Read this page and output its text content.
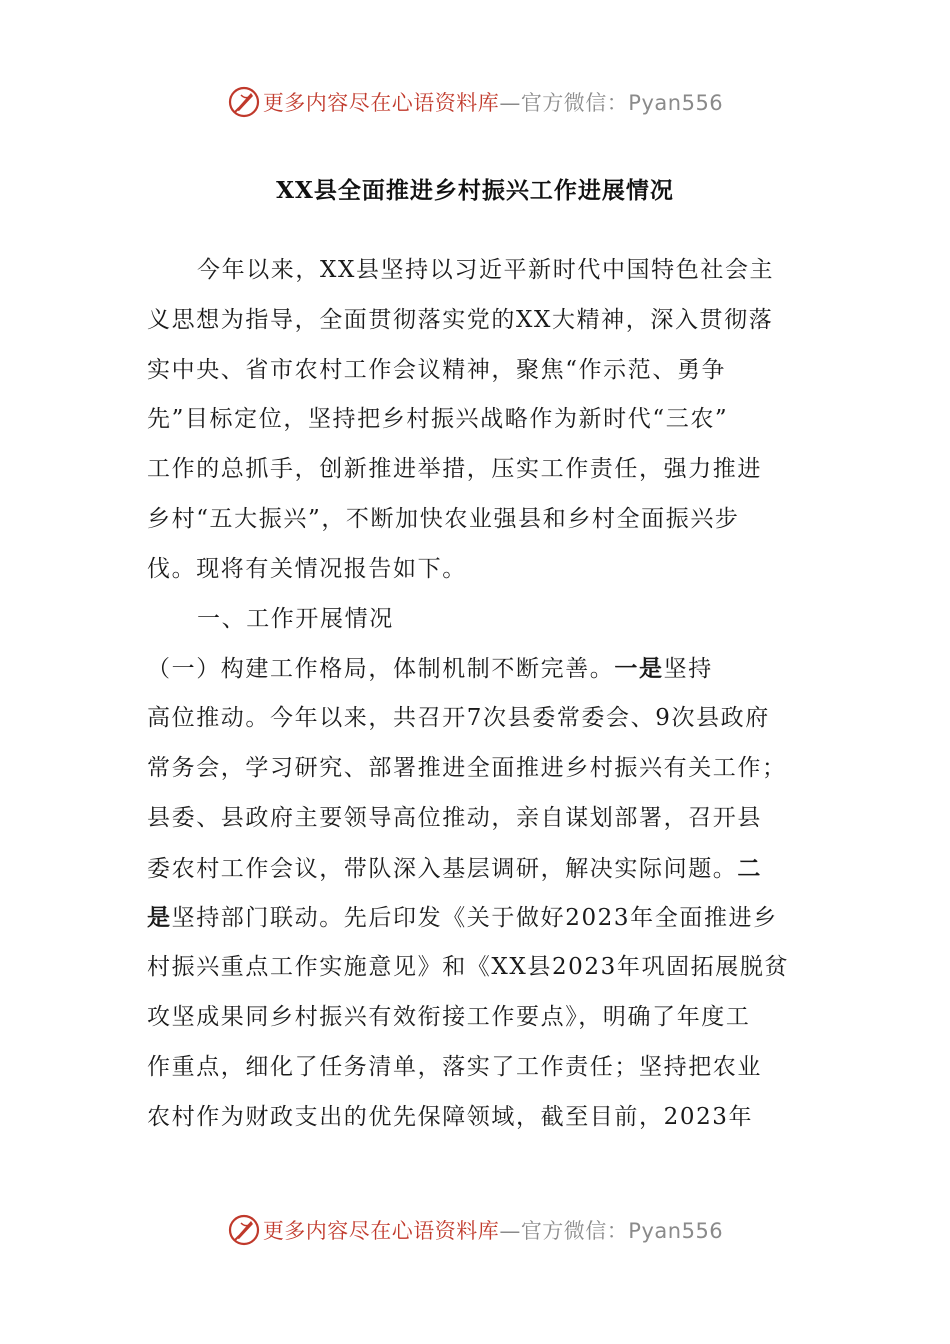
更多内容尽在心语资料库—官方微信：Pyan556
XX县全面推进乡村振兴工作进展情况
今年以来，XX县坚持以习近平新时代中国特色社会主
义思想为指导，全面贯彻落实党的XX大精神，深入贯彻落
实中央、省市农村工作会议精神，聚焦“作示范、勇争
先”目标定位，坚持把乡村振兴战略作为新时代“三农”
工作的总抓手，创新推进举措，压实工作责任，强力推进
乡村“五大振兴”，不断加快农业强县和乡村全面振兴步
伐。现将有关情况报告如下。
一、工作开展情况
（一）构建工作格局，体制机制不断完善。一是坚持
高位推动。今年以来，共召开7次县委常委会、9次县政府
常务会，学习研究、部署推进全面推进乡村振兴有关工作；
县委、县政府主要领导高位推动，亲自谋划部署，召开县
委农村工作会议，带队深入基层调研，解决实际问题。二
是坚持部门联动。先后印发《关于做好2023年全面推进乡
村振兴重点工作实施意见》和《XX县2023年巩固拓展脱贫
攻坚成果同乡村振兴有效衔接工作要点》，明确了年度工
作重点，细化了任务清单，落实了工作责任；坚持把农业
农村作为财政支出的优先保障领域，截至目前，2023年
更多内容尽在心语资料库—官方微信：Pyan556
